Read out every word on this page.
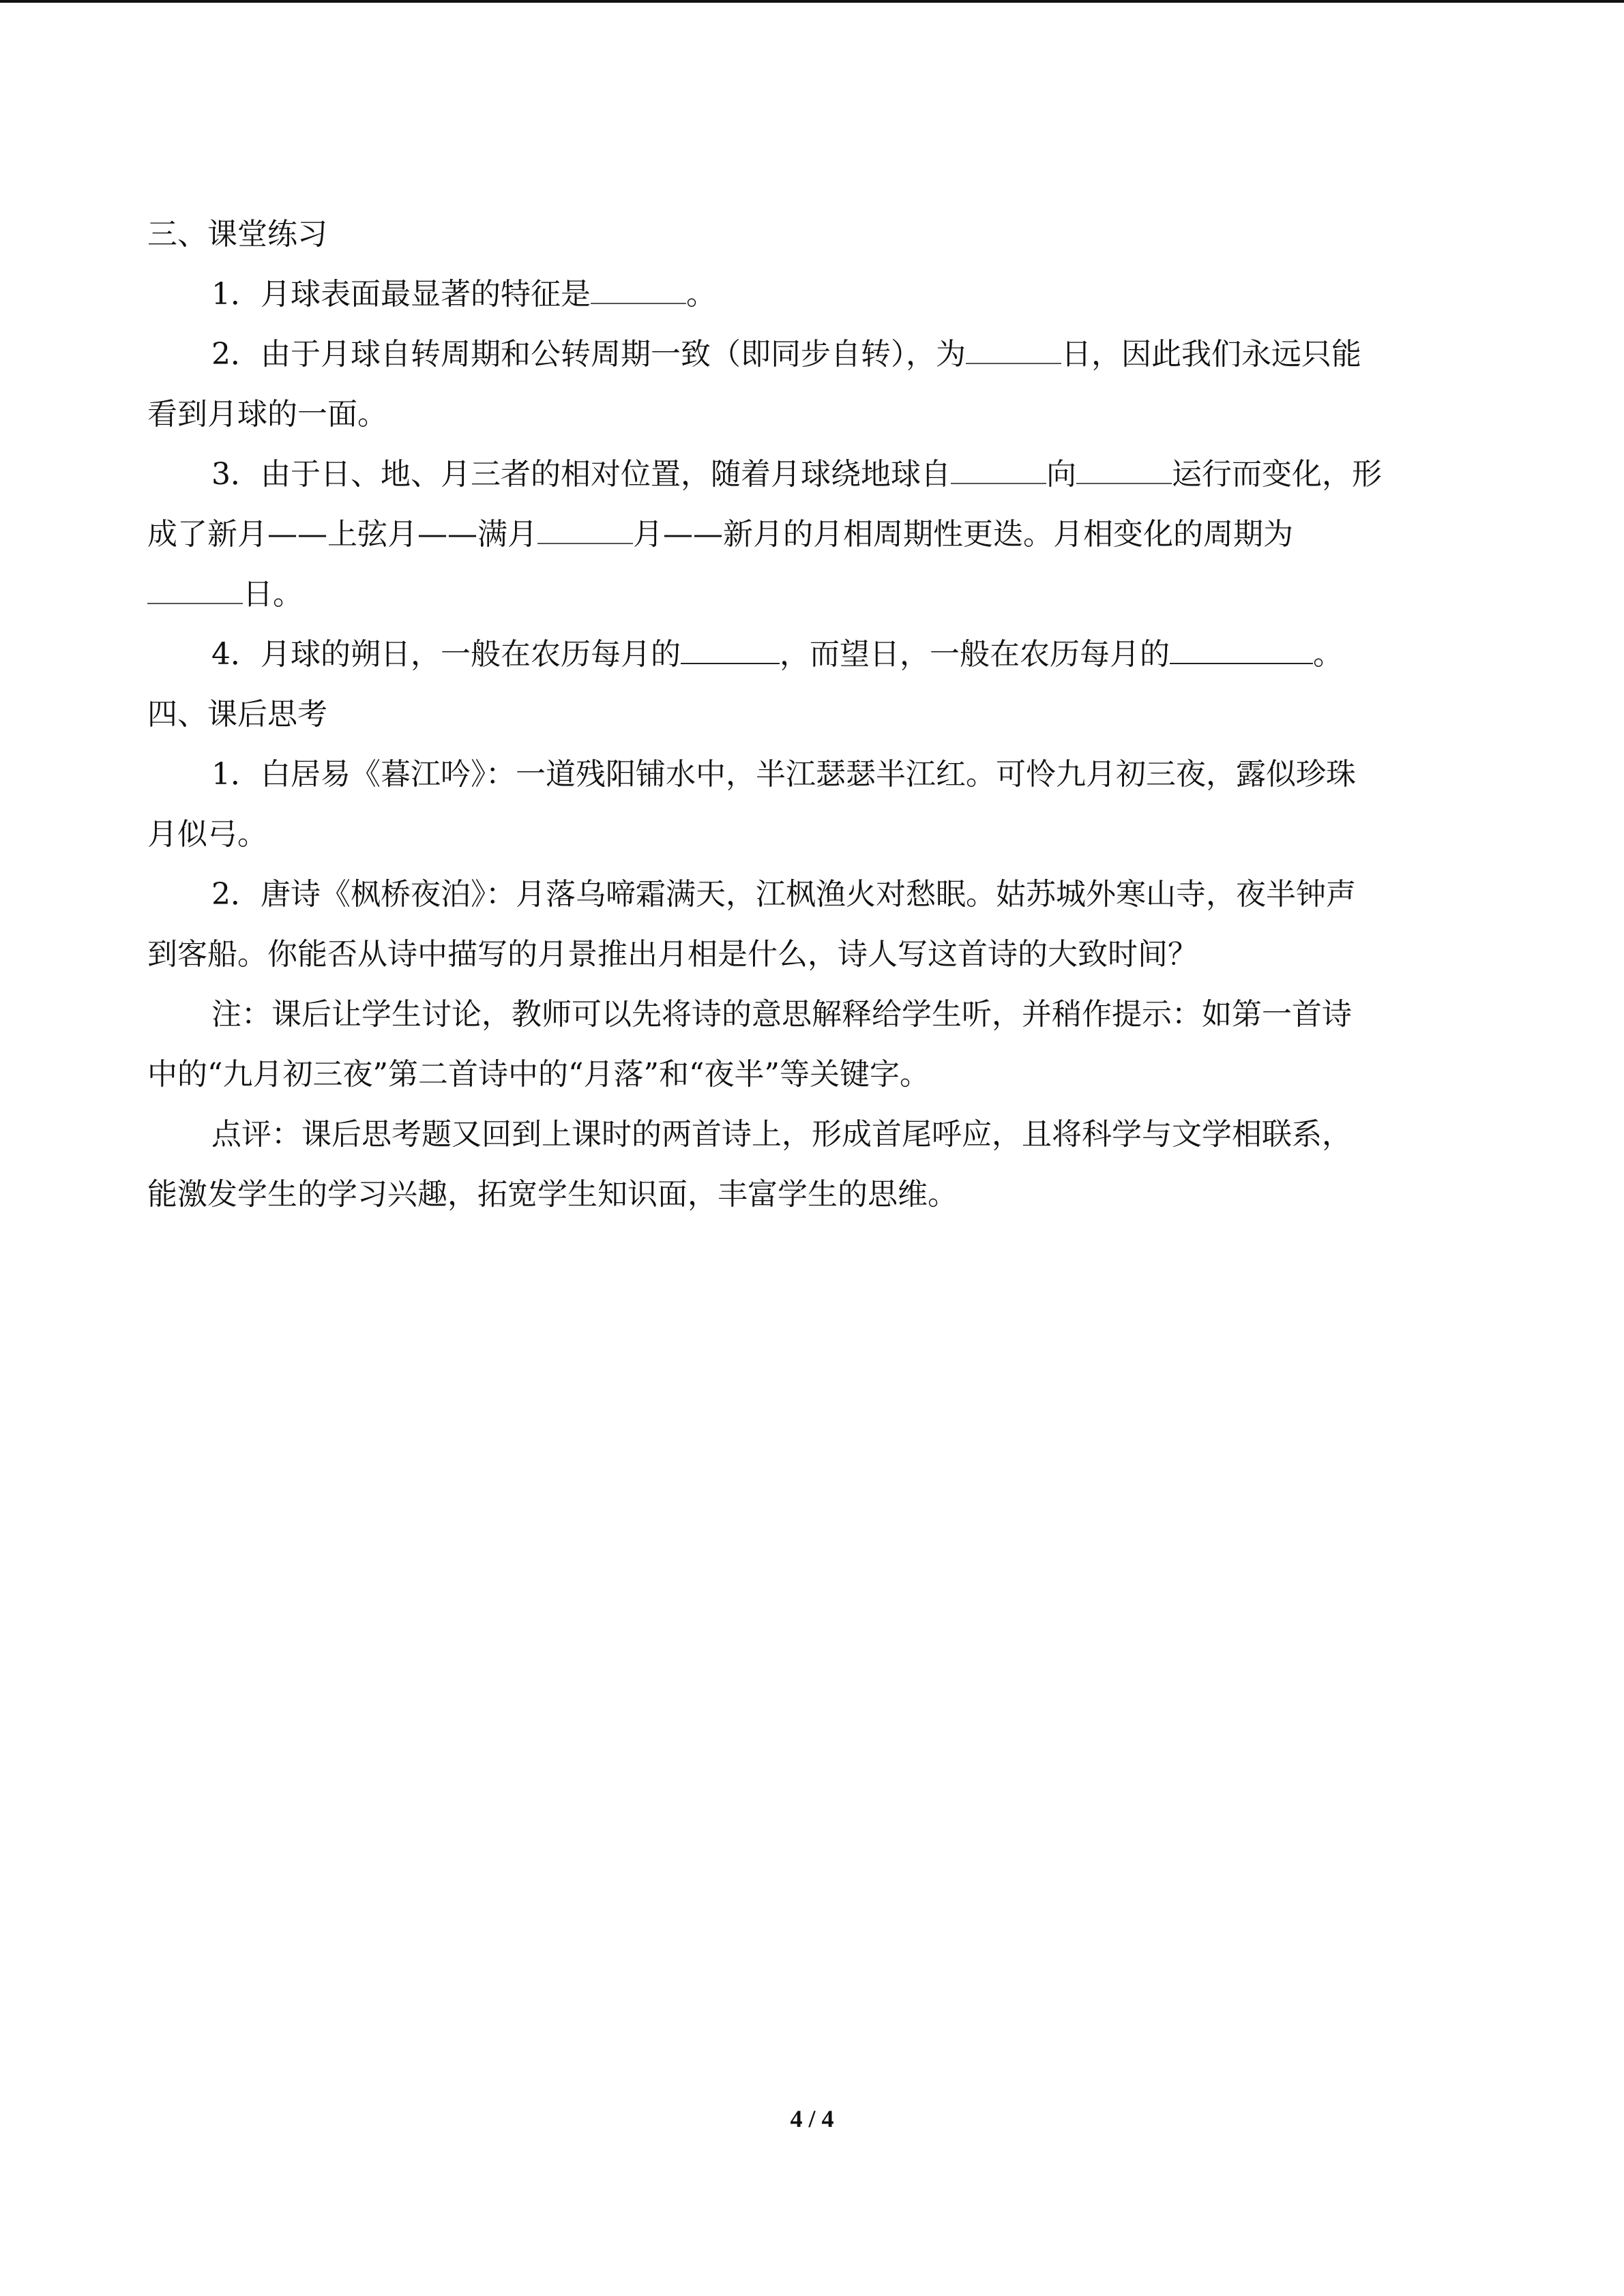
三、课堂练习
1．月球表面最显著的特征是	。
2．由于月球自转周期和公转周期一致（即同步自转），为	日，因此我们永远只能
看到月球的一面。
3．由于日、地、月三者的相对位置，随着月球绕地球自	向	运行而变化，形
成了新月——上弦月——满月	月——新月的月相周期性更迭。月相变化的周期为
日。
4．月球的朔日，一般在农历每月的	，而望日，一般在农历每月的	。
四、课后思考
1．白居易《暮江吟》：一道残阳铺水中，半江瑟瑟半江红。可怜九月初三夜，露似珍珠
月似弓。
2．唐诗《枫桥夜泊》：月落乌啼霜满天，江枫渔火对愁眠。姑苏城外寒山寺，夜半钟声
到客船。你能否从诗中描写的月景推出月相是什么，诗人写这首诗的大致时间？
注：课后让学生讨论，教师可以先将诗的意思解释给学生听，并稍作提示：如第一首诗
中的“九月初三夜”第二首诗中的“月落”和“夜半”等关键字。
点评：课后思考题又回到上课时的两首诗上，形成首尾呼应，且将科学与文学相联系，
能激发学生的学习兴趣，拓宽学生知识面，丰富学生的思维。
4 / 4
